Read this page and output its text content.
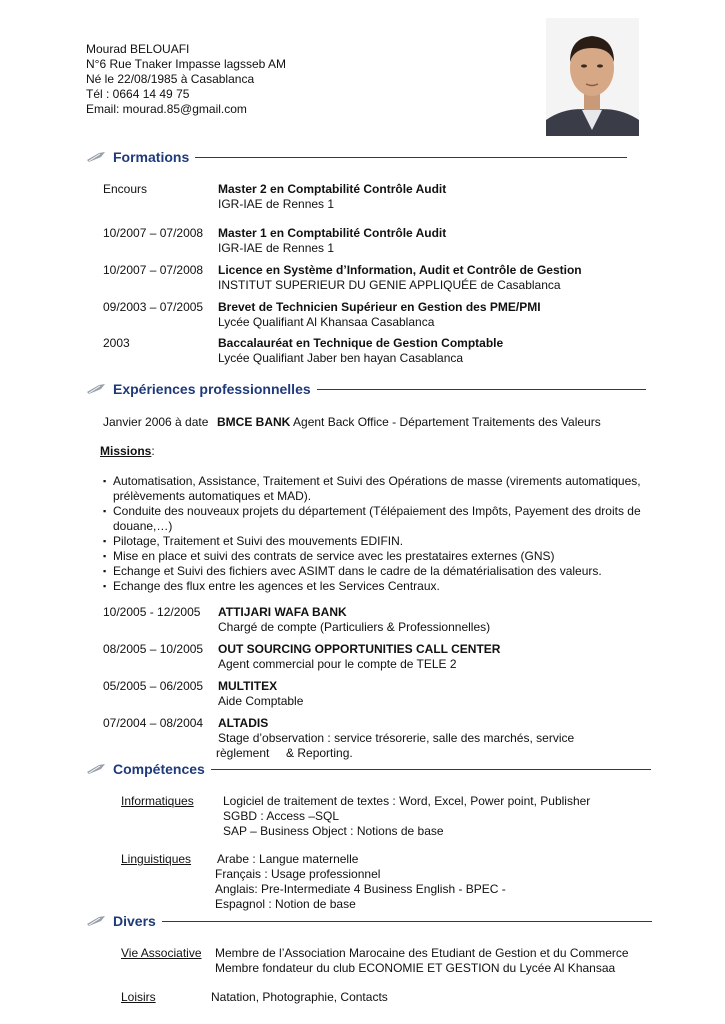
Mourad BELOUAFI
N°6 Rue Tnaker Impasse lagsseb AM
Né le 22/08/1985 à Casablanca
Tél : 0664 14 49 75
Email: mourad.85@gmail.com
Formations
Encours	Master 2 en Comptabilité Contrôle Audit
IGR-IAE de Rennes 1
10/2007 – 07/2008 Master 1 en Comptabilité Contrôle Audit
IGR-IAE de Rennes 1
10/2007 – 07/2008 Licence en Système d’Information, Audit et Contrôle de Gestion
INSTITUT SUPERIEUR DU GENIE APPLIQUÉE de Casablanca
09/2003 – 07/2005 Brevet de Technicien Supérieur en Gestion des PME/PMI
Lycée Qualifiant Al Khansaa Casablanca
2003	Baccalauréat en Technique de Gestion Comptable
Lycée Qualifiant Jaber ben hayan Casablanca
Expériences professionnelles
Janvier 2006 à date BMCE BANK Agent Back Office - Département Traitements des Valeurs
Missions:
▪ Automatisation, Assistance, Traitement et Suivi des Opérations de masse (virements automatiques, prélèvements automatiques et MAD).
▪ Conduite des nouveaux projets du département (Télépaiement des Impôts, Payement des droits de douane,…)
▪ Pilotage, Traitement et Suivi des mouvements EDIFIN.
▪ Mise en place et suivi des contrats de service avec les prestataires externes (GNS)
▪ Echange et Suivi des fichiers avec ASIMT dans le cadre de la dématérialisation des valeurs.
▪ Echange des flux entre les agences et les Services Centraux.
10/2005 - 12/2005 ATTIJARI WAFA BANK
Chargé de compte (Particuliers & Professionnelles)
08/2005 – 10/2005 OUT SOURCING OPPORTUNITIES CALL CENTER
Agent commercial pour le compte de TELE 2
05/2005 – 06/2005 MULTITEX
Aide Comptable
07/2004 – 08/2004 ALTADIS
Stage d’observation : service trésorerie, salle des marchés, service
règlement     & Reporting.
Compétences
Informatiques Logiciel de traitement de textes : Word, Excel, Power point, Publisher
SGBD : Access –SQL
SAP – Business Object : Notions de base
Linguistiques Arabe : Langue maternelle
Français : Usage professionnel
Anglais: Pre-Intermediate 4 Business English - BPEC -
Espagnol : Notion de base
Divers
Vie Associative Membre de l’Association Marocaine des Etudiant de Gestion et du Commerce
Membre fondateur du club ECONOMIE ET GESTION du Lycée Al Khansaa
Loisirs	Natation, Photographie, Contacts
